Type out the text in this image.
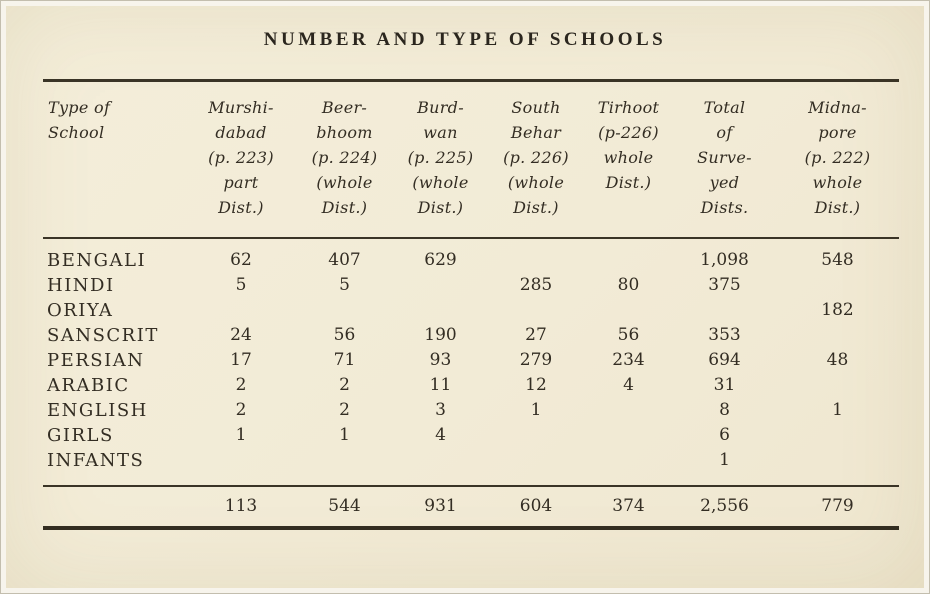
NUMBER AND TYPE OF SCHOOLS
Type of
School

Murshi-
dabad
(p. 223)
part
Dist.)

Beer-
bhoom
(p. 224)
(whole
Dist.)

Burd-
wan
(p. 225)
(whole
Dist.)

South
Behar
(p. 226)
(whole
Dist.)

Tirhoot
(p-226)
whole
Dist.)

Total
of
Surve-
yed
Dists.

Midna-
pore
(p. 222)
whole
Dist.)

BENGALI	62	407	629			1,098	548
HINDI	5	5		285	80	375	
ORIYA							182
SANSCRIT	24	56	190	27	56	353	
PERSIAN	17	71	93	279	234	694	48
ARABIC	2	2	11	12	4	31	
ENGLISH	2	2	3	1		8	1
GIRLS	1	1	4			6	
INFANTS						1	
	113	544	931	604	374	2,556	779
